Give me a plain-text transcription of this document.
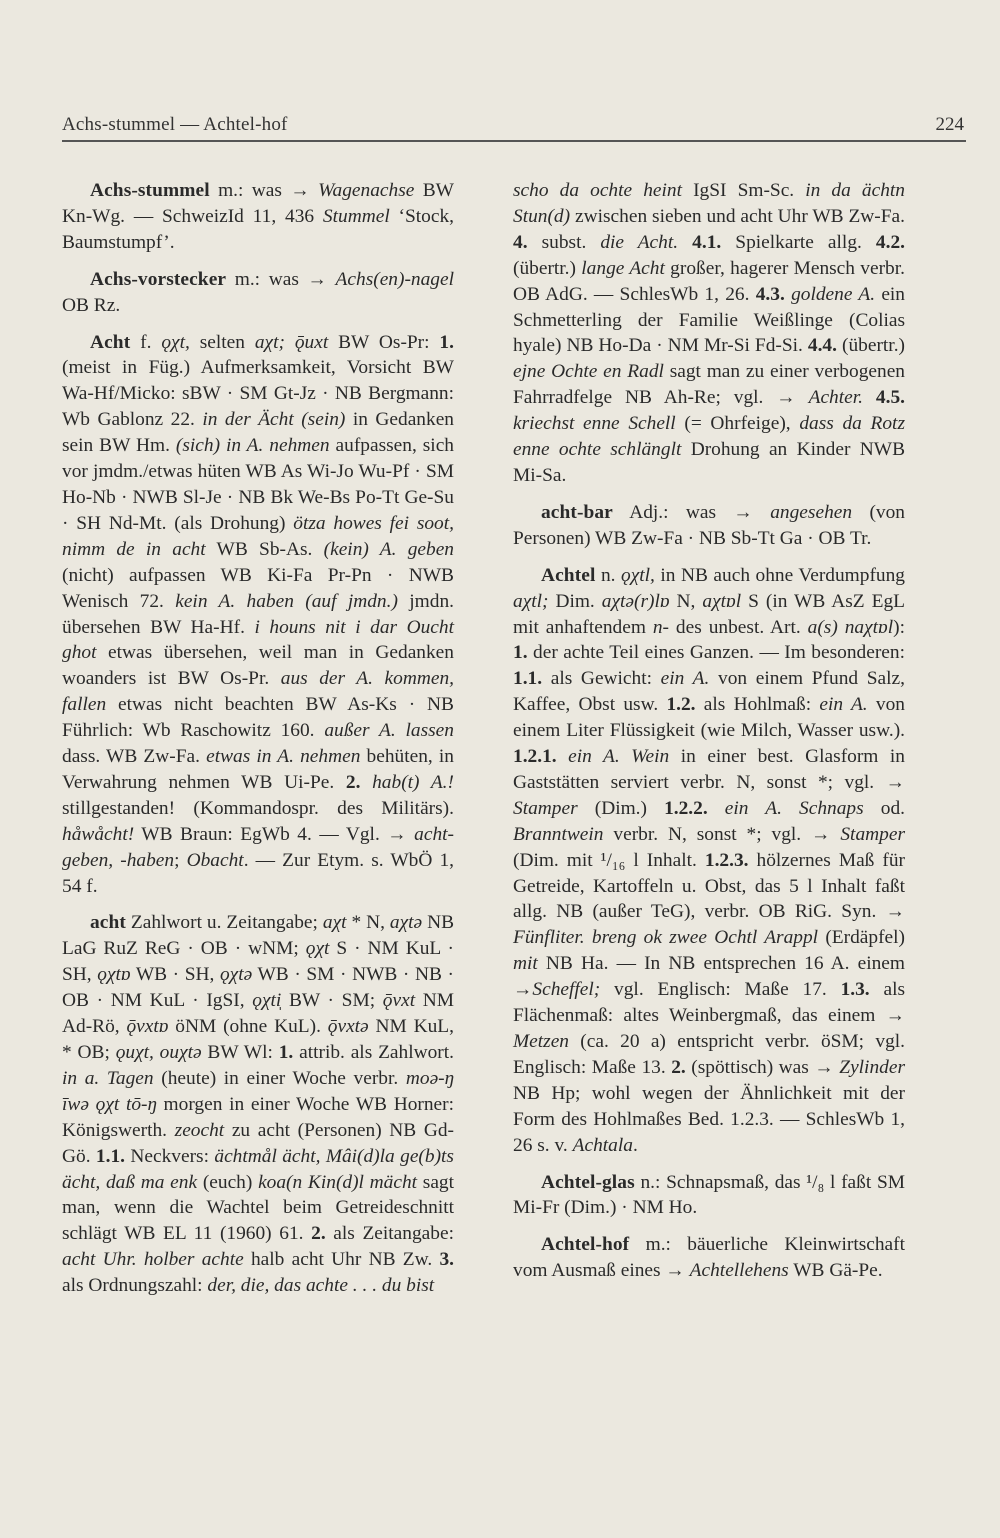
Achs-stummel — Achtel-hof	224

Achs-stummel m.: was → Wagenachse BW Kn-Wg. — SchweizId 11, 436 Stummel ‘Stock, Baumstumpf’.

Achs-vorstecker m.: was → Achs(en)-nagel OB Rz.

Acht f. ǫχt, selten aχt; ǭuxt BW Os-Pr: 1. (meist in Füg.) Aufmerksamkeit, Vorsicht BW Wa-Hf/Micko: sBW · SM Gt-Jz · NB Bergmann: Wb Gablonz 22. in der Ächt (sein) in Gedanken sein BW Hm. (sich) in A. nehmen aufpassen, sich vor jmdm./etwas hüten WB As Wi-Jo Wu-Pf · SM Ho-Nb · NWB Sl-Je · NB Bk We-Bs Po-Tt Ge-Su · SH Nd-Mt. (als Drohung) ötza howes fei soot, nimm de in acht WB Sb-As. (kein) A. geben (nicht) aufpassen WB Ki-Fa Pr-Pn · NWB Wenisch 72. kein A. haben (auf jmdn.) jmdn. übersehen BW Ha-Hf. i houns nit i dar Oucht ghot etwas übersehen, weil man in Gedanken woanders ist BW Os-Pr. aus der A. kommen, fallen etwas nicht beachten BW As-Ks · NB Führlich: Wb Raschowitz 160. außer A. lassen dass. WB Zw-Fa. etwas in A. nehmen behüten, in Verwahrung nehmen WB Ui-Pe. 2. hab(t) A.! stillgestanden! (Kommandospr. des Militärs). håwåcht! WB Braun: EgWb 4. — Vgl. → acht-geben, -haben; Obacht. — Zur Etym. s. WbÖ 1, 54 f.

acht Zahlwort u. Zeitangabe; aχt * N, aχtə NB LaG RuZ ReG · OB · wNM; ǫχt S · NM KuL · SH, ǫχtɒ WB · SH, ǫχtə WB · SM · NWB · NB · OB · NM KuL · IgSI, ǫχti̩ BW · SM; ǭvxt NM Ad-Rö, ǭvxtɒ öNM (ohne KuL). ǭvxtə NM KuL, * OB; ǫuχt, ouχtə BW Wl: 1. attrib. als Zahlwort. in a. Tagen (heute) in einer Woche verbr. moə-ŋ īwə ǫχt tō-ŋ morgen in einer Woche WB Horner: Königswerth. zeocht zu acht (Personen) NB Gd-Gö. 1.1. Neckvers: ächtmål ächt, Mâi(d)la ge(b)ts ächt, daß ma enk (euch) koa(n Kin(d)l mächt sagt man, wenn die Wachtel beim Getreideschnitt schlägt WB EL 11 (1960) 61. 2. als Zeitangabe: acht Uhr. holber achte halb acht Uhr NB Zw. 3. als Ordnungszahl: der, die, das achte . . . du bist

scho da ochte heint IgSI Sm-Sc. in da ächtn Stun(d) zwischen sieben und acht Uhr WB Zw-Fa. 4. subst. die Acht. 4.1. Spielkarte allg. 4.2. (übertr.) lange Acht großer, hagerer Mensch verbr. OB AdG. — SchlesWb 1, 26. 4.3. goldene A. ein Schmetterling der Familie Weißlinge (Colias hyale) NB Ho-Da · NM Mr-Si Fd-Si. 4.4. (übertr.) ejne Ochte en Radl sagt man zu einer verbogenen Fahrradfelge NB Ah-Re; vgl. → Achter. 4.5. kriechst enne Schell (= Ohrfeige), dass da Rotz enne ochte schlänglt Drohung an Kinder NWB Mi-Sa.

acht-bar Adj.: was → angesehen (von Personen) WB Zw-Fa · NB Sb-Tt Ga · OB Tr.

Achtel n. ǫχtl, in NB auch ohne Verdumpfung aχtl; Dim. aχtə(r)lɒ N, aχtɒl S (in WB AsZ EgL mit anhaftendem n- des unbest. Art. a(s) naχtɒl): 1. der achte Teil eines Ganzen. — Im besonderen: 1.1. als Gewicht: ein A. von einem Pfund Salz, Kaffee, Obst usw. 1.2. als Hohlmaß: ein A. von einem Liter Flüssigkeit (wie Milch, Wasser usw.). 1.2.1. ein A. Wein in einer best. Glasform in Gaststätten serviert verbr. N, sonst *; vgl. → Stamper (Dim.) 1.2.2. ein A. Schnaps od. Branntwein verbr. N, sonst *; vgl. → Stamper (Dim. mit ¹/₁₆ l Inhalt. 1.2.3. hölzernes Maß für Getreide, Kartoffeln u. Obst, das 5 l Inhalt faßt allg. NB (außer TeG), verbr. OB RiG. Syn. → Fünfliter. breng ok zwee Ochtl Arappl (Erdäpfel) mit NB Ha. — In NB entsprechen 16 A. einem →Scheffel; vgl. Englisch: Maße 17. 1.3. als Flächenmaß: altes Weinbergmaß, das einem → Metzen (ca. 20 a) entspricht verbr. öSM; vgl. Englisch: Maße 13. 2. (spöttisch) was → Zylinder NB Hp; wohl wegen der Ähnlichkeit mit der Form des Hohlmaßes Bed. 1.2.3. — SchlesWb 1, 26 s. v. Achtala.

Achtel-glas n.: Schnapsmaß, das ¹/₈ l faßt SM Mi-Fr (Dim.) · NM Ho.

Achtel-hof m.: bäuerliche Kleinwirtschaft vom Ausmaß eines → Achtellehens WB Gä-Pe.
